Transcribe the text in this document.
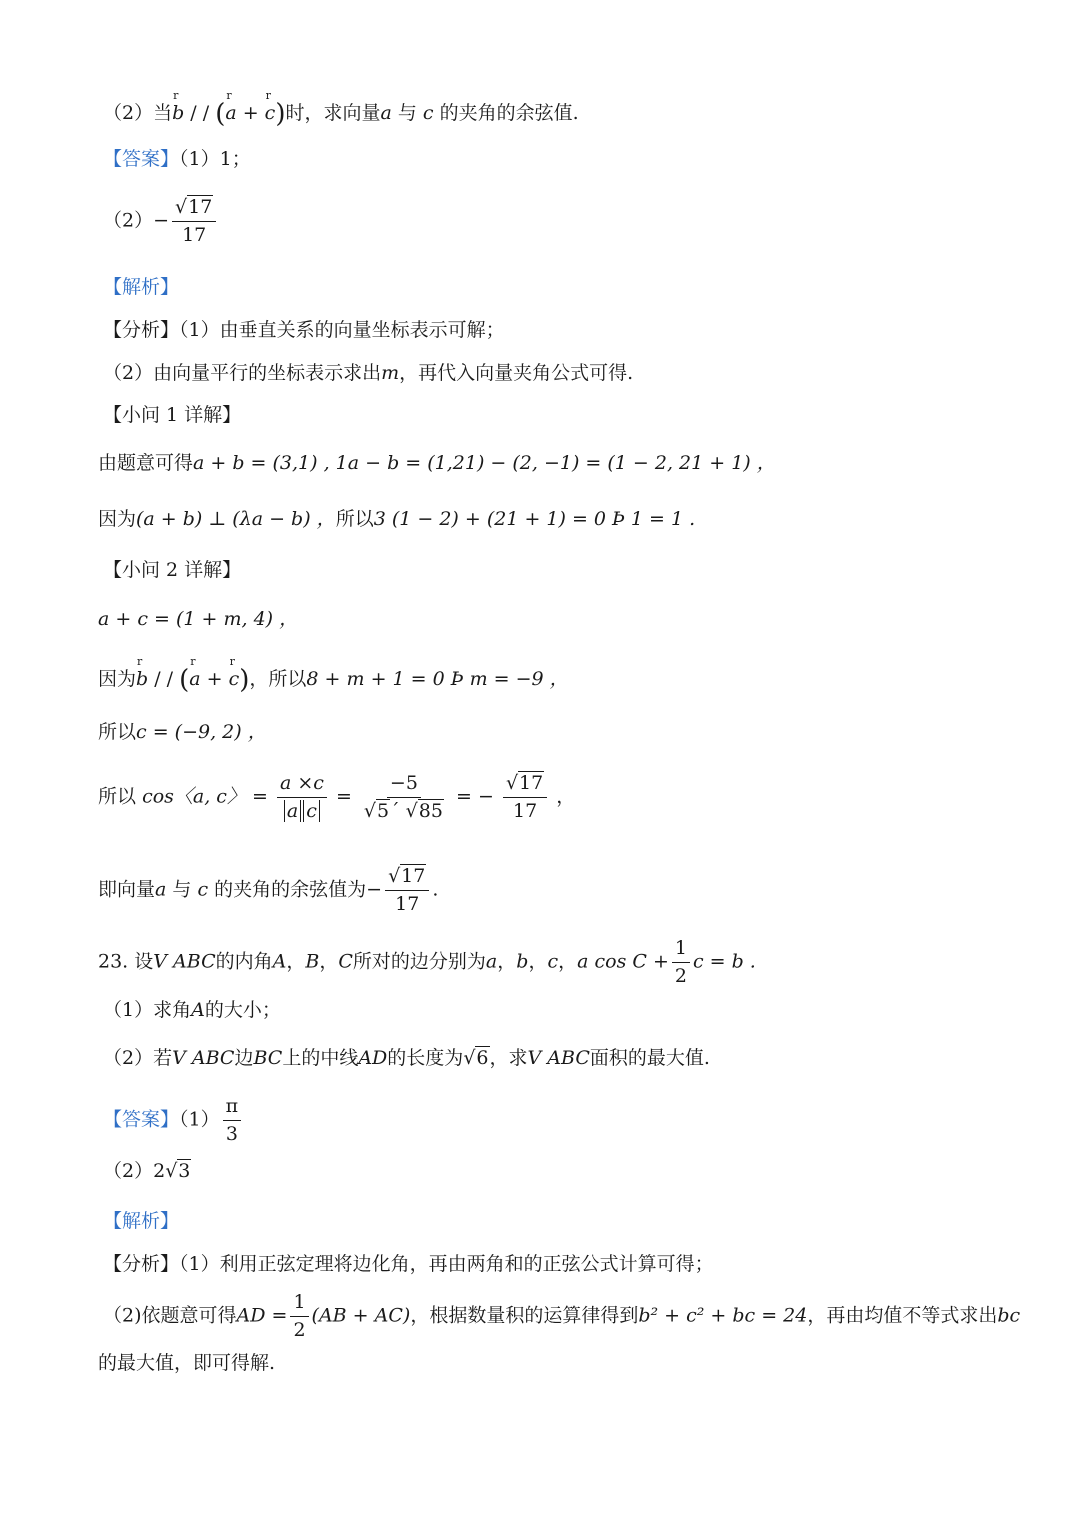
（2）当
r
b / / (
r
a +
r
c)时，求向量a 与 c 的夹角的余弦值.
【答案】（1）1；
$(2)- \frac{√17}{17}$
【解析】
【分析】（1）由垂直关系的向量坐标表示可解；
（2）由向量平行的坐标表示求出m，再代入向量夹角公式可得.
【小问 1 详解】
由题意可得a + b = (3,1) , 1a − b = (1,21) − (2, −1) = (1 − 2, 21 + 1) ，
因为(a + b) ⊥ (λa − b) ，所以3 (1 − 2) + (21 + 1) = 0 Þ 1 = 1 .
【小问 2 详解】
a + c = (1 + m, 4) ，
因为
r
b / / (
r
a +
r
c)，所以8 + m + 1 = 0 Þ m = −9 ，
所以c = (−9, 2) ，
所以 cos〈a, c〉 = $\frac{a \times c}{\text{a c}} = \frac{-5}{√5´ √85}$ = − $\frac{√17}{17}$ ，
即向量a 与 c 的夹角的余弦值为− $\frac{√17}{17}$ .
23. 设V ABC的内角A，B，C所对的边分别为a，b，c，a $\cos C + \frac{1}{2}$ c = b .
（1）求角A的大小；
（2）若V ABC边BC上的中线AD的长度为√6，求V ABC面积的最大值.
【答案】$(1) \frac{\pi}{3}$
（2）2√3
【解析】
【分析】（1）利用正弦定理将边化角，再由两角和的正弦公式计算可得；
（2)依题意可得AD = $\frac{1}{2} (AB + AC)$，根据数量积的运算律得到b² + c² + bc = 24，再由均值不等式求出bc
的最大值，即可得解.
